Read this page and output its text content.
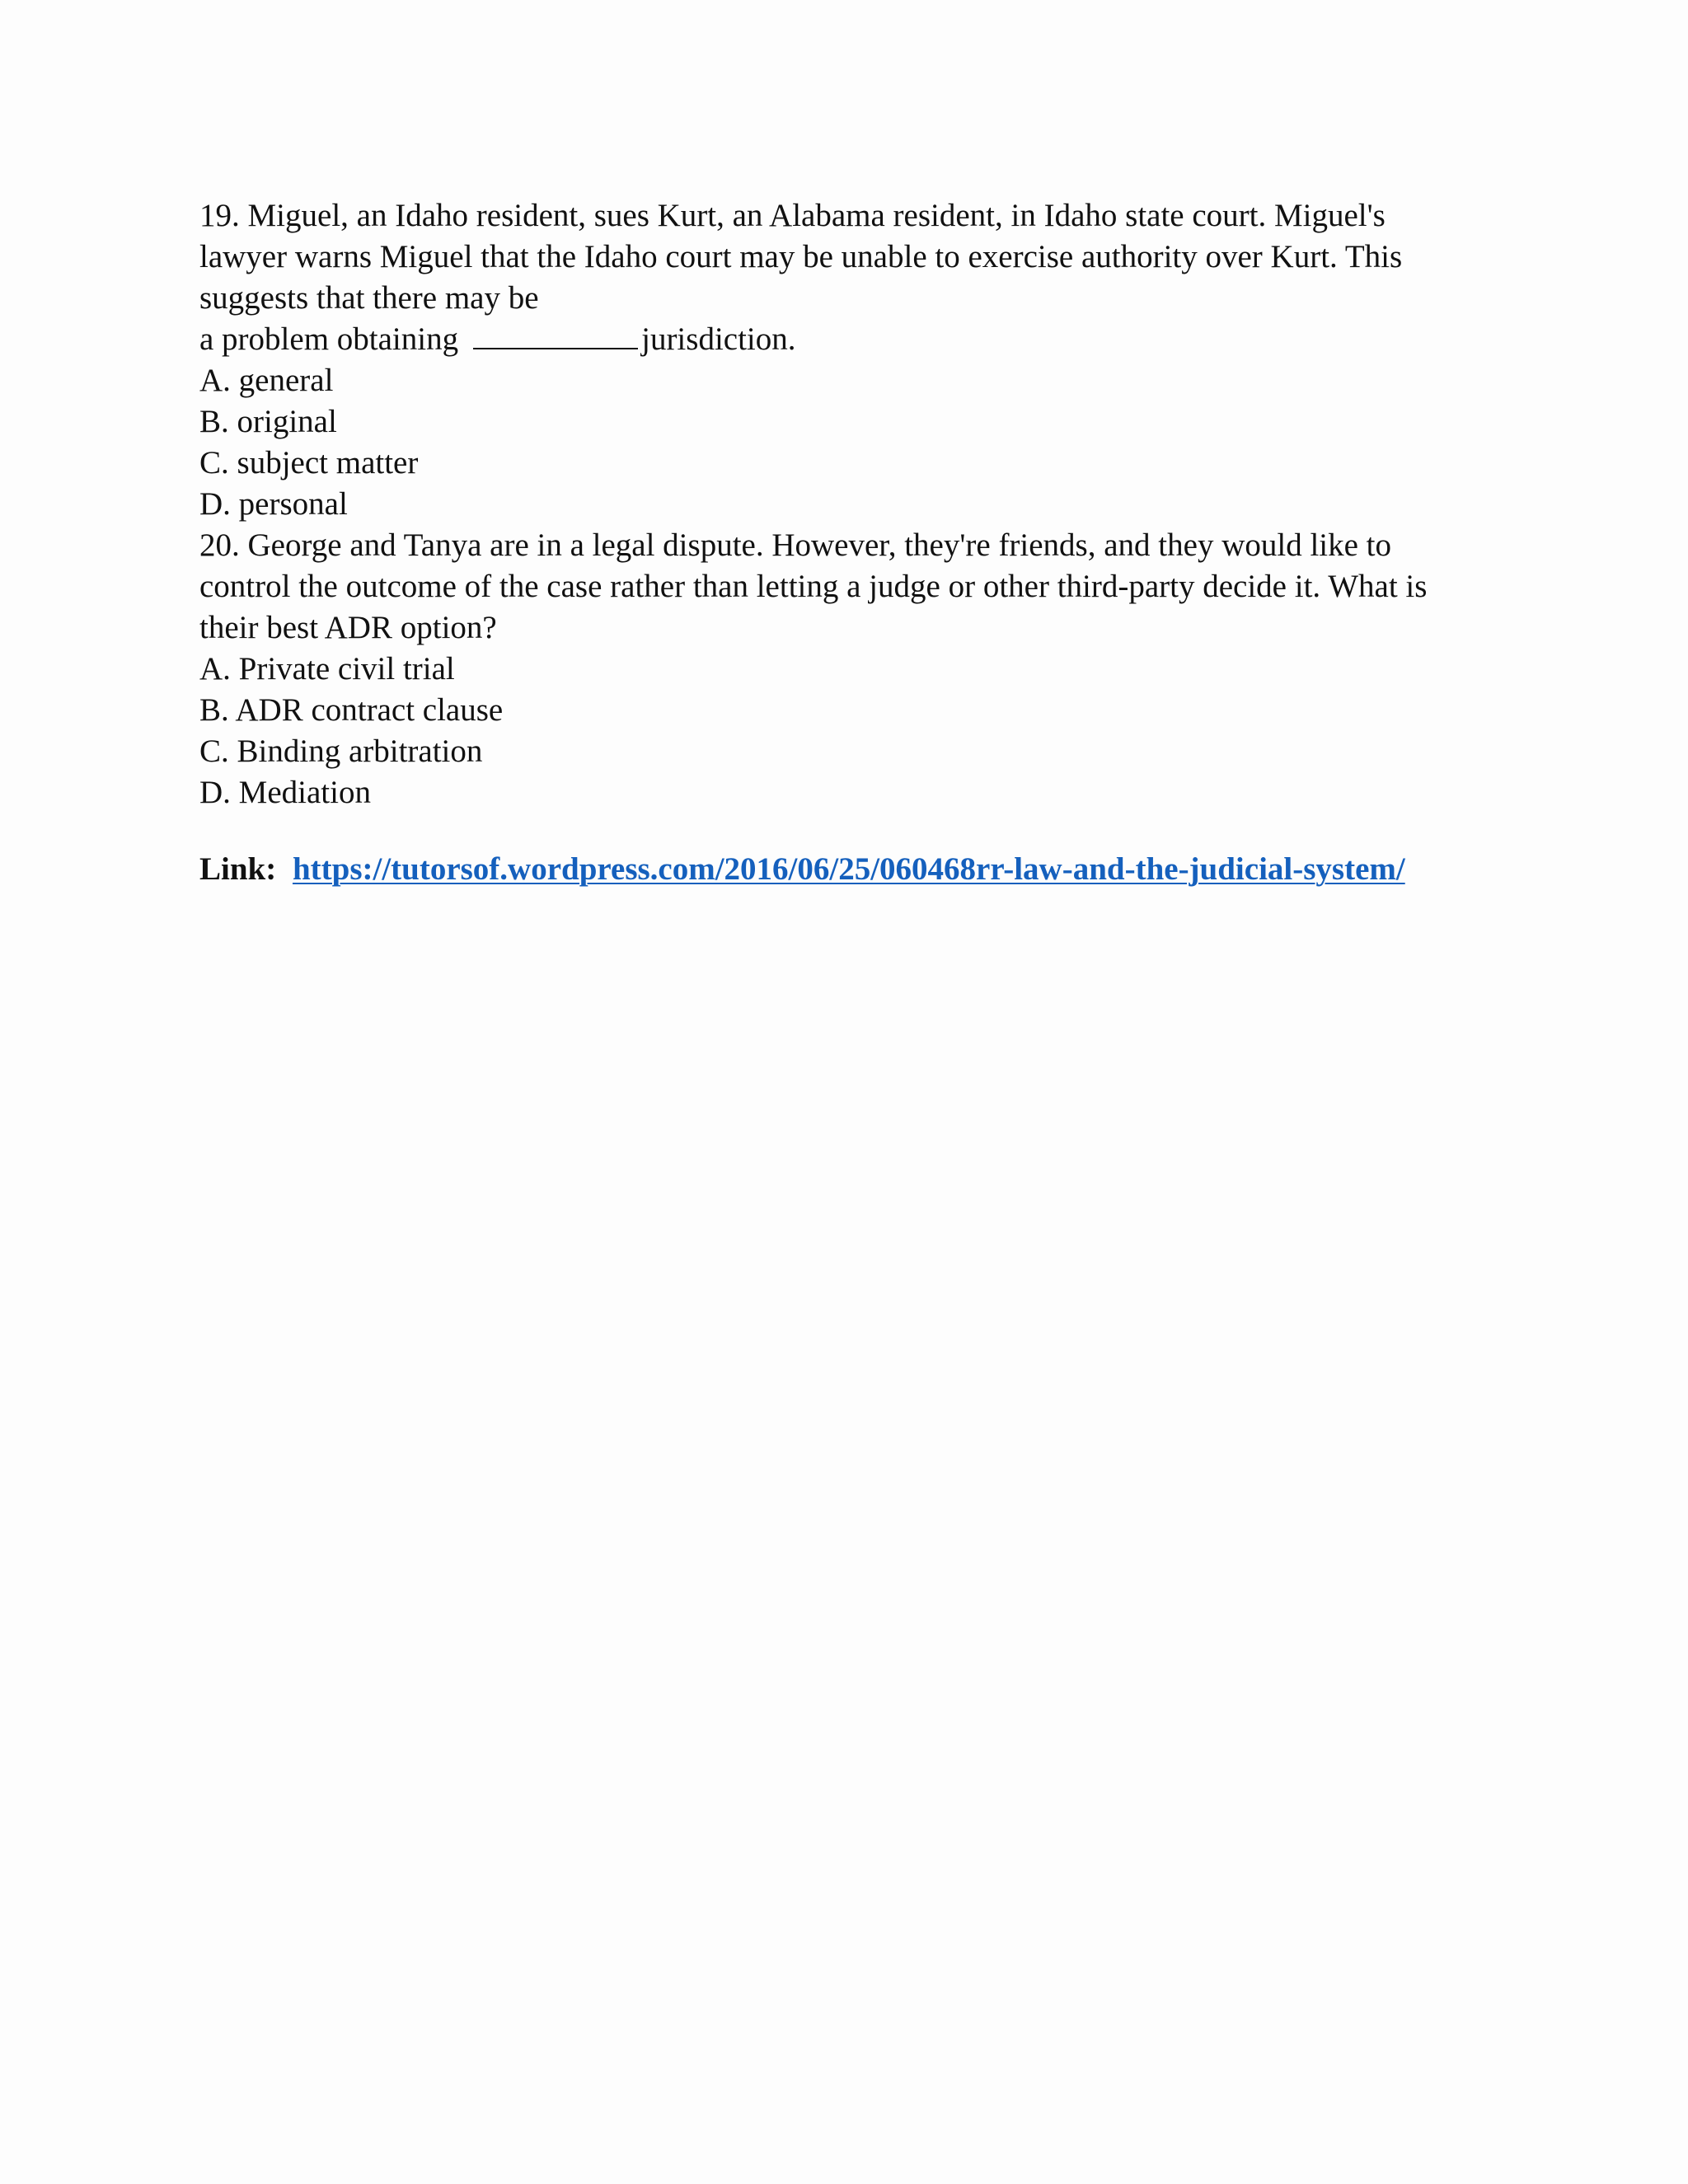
19. Miguel, an Idaho resident, sues Kurt, an Alabama resident, in Idaho state court. Miguel's
lawyer warns Miguel that the Idaho court may be unable to exercise authority over Kurt. This
suggests that there may be
a problem obtaining	jurisdiction.
A. general
B. original
C. subject matter
D. personal
20. George and Tanya are in a legal dispute. However, they're friends, and they would like to
control the outcome of the case rather than letting a judge or other third-party decide it. What is
their best ADR option?
A. Private civil trial
B. ADR contract clause
C. Binding arbitration
D. Mediation
Link: https://tutorsof.wordpress.com/2016/06/25/060468rr-law-and-the-judicial-system/
